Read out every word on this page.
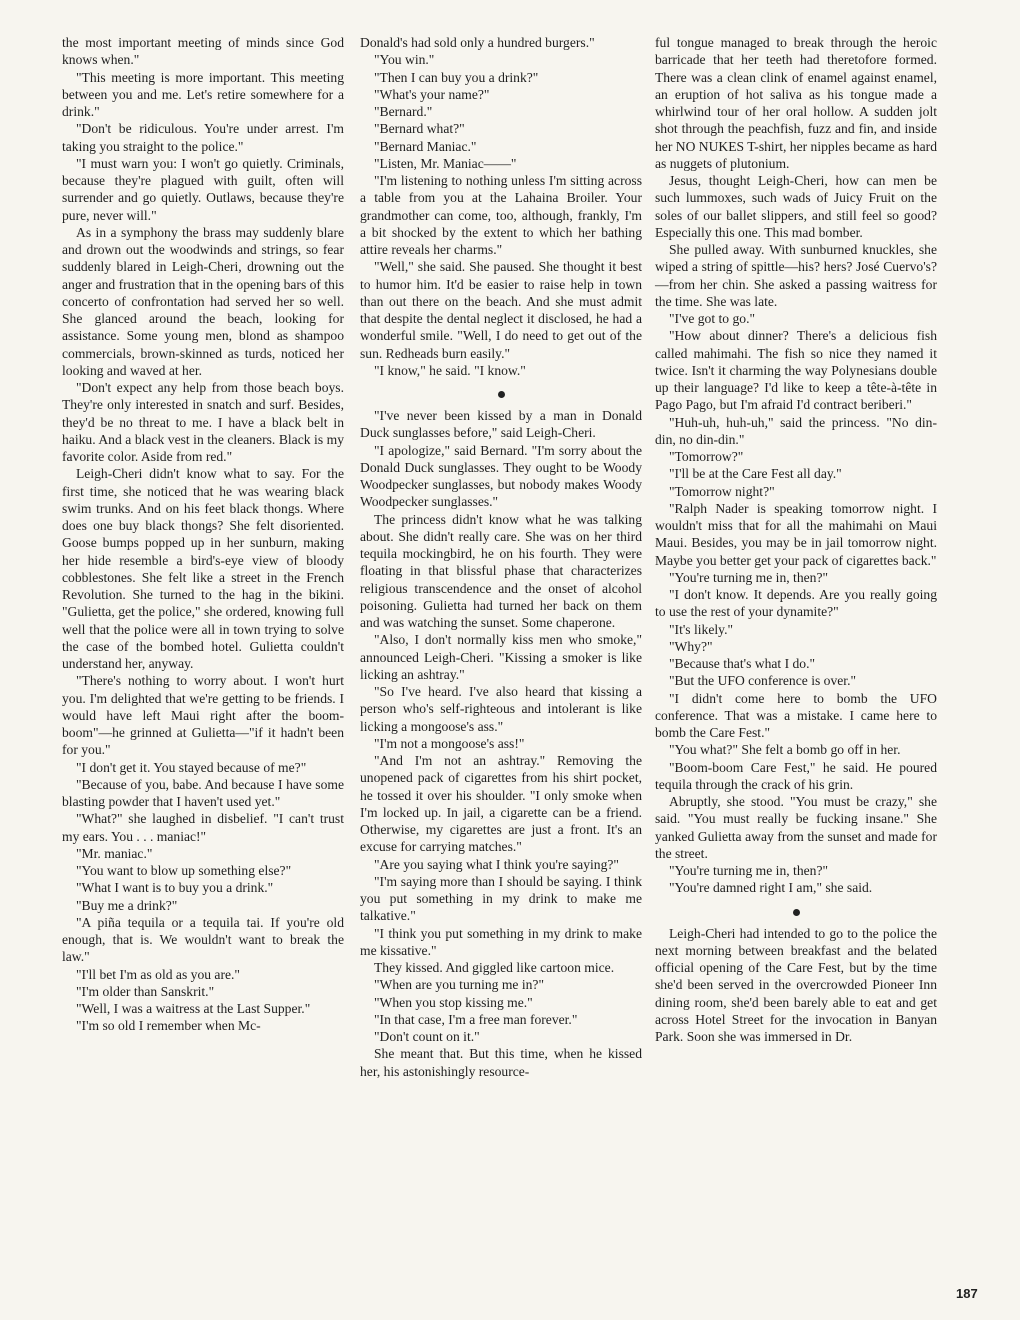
the most important meeting of minds since God knows when."

"This meeting is more important. This meeting between you and me. Let's retire somewhere for a drink."

"Don't be ridiculous. You're under arrest. I'm taking you straight to the police."

"I must warn you: I won't go quietly. Criminals, because they're plagued with guilt, often will surrender and go quietly. Outlaws, because they're pure, never will."

As in a symphony the brass may suddenly blare and drown out the woodwinds and strings, so fear suddenly blared in Leigh-Cheri, drowning out the anger and frustration that in the opening bars of this concerto of confrontation had served her so well. She glanced around the beach, looking for assistance. Some young men, blond as shampoo commercials, brown-skinned as turds, noticed her looking and waved at her.

"Don't expect any help from those beach boys. They're only interested in snatch and surf. Besides, they'd be no threat to me. I have a black belt in haiku. And a black vest in the cleaners. Black is my favorite color. Aside from red."

Leigh-Cheri didn't know what to say. For the first time, she noticed that he was wearing black swim trunks. And on his feet black thongs. Where does one buy black thongs? She felt disoriented. Goose bumps popped up in her sunburn, making her hide resemble a bird's-eye view of bloody cobblestones. She felt like a street in the French Revolution. She turned to the hag in the bikini. "Gulietta, get the police," she ordered, knowing full well that the police were all in town trying to solve the case of the bombed hotel. Gulietta couldn't understand her, anyway.

"There's nothing to worry about. I won't hurt you. I'm delighted that we're getting to be friends. I would have left Maui right after the boom-boom"—he grinned at Gulietta—"if it hadn't been for you."

"I don't get it. You stayed because of me?"

"Because of you, babe. And because I have some blasting powder that I haven't used yet."

"What?" she laughed in disbelief. "I can't trust my ears. You . . . maniac!"

"Mr. maniac."

"You want to blow up something else?"

"What I want is to buy you a drink."

"Buy me a drink?"

"A piña tequila or a tequila tai. If you're old enough, that is. We wouldn't want to break the law."

"I'll bet I'm as old as you are."

"I'm older than Sanskrit."

"Well, I was a waitress at the Last Supper."

"I'm so old I remember when Mc-

Donald's had sold only a hundred burgers."

"You win."

"Then I can buy you a drink?"

"What's your name?"

"Bernard."

"Bernard what?"

"Bernard Maniac."

"Listen, Mr. Maniac——"

"I'm listening to nothing unless I'm sitting across a table from you at the Lahaina Broiler. Your grandmother can come, too, although, frankly, I'm a bit shocked by the extent to which her bathing attire reveals her charms."

"Well," she said. She paused. She thought it best to humor him. It'd be easier to raise help in town than out there on the beach. And she must admit that despite the dental neglect it disclosed, he had a wonderful smile. "Well, I do need to get out of the sun. Redheads burn easily."

"I know," he said. "I know."

"I've never been kissed by a man in Donald Duck sunglasses before," said Leigh-Cheri.

"I apologize," said Bernard. "I'm sorry about the Donald Duck sunglasses. They ought to be Woody Woodpecker sunglasses, but nobody makes Woody Woodpecker sunglasses."

The princess didn't know what he was talking about. She didn't really care. She was on her third tequila mockingbird, he on his fourth. They were floating in that blissful phase that characterizes religious transcendence and the onset of alcohol poisoning. Gulietta had turned her back on them and was watching the sunset. Some chaperone.

"Also, I don't normally kiss men who smoke," announced Leigh-Cheri. "Kissing a smoker is like licking an ashtray."

"So I've heard. I've also heard that kissing a person who's self-righteous and intolerant is like licking a mongoose's ass."

"I'm not a mongoose's ass!"

"And I'm not an ashtray." Removing the unopened pack of cigarettes from his shirt pocket, he tossed it over his shoulder. "I only smoke when I'm locked up. In jail, a cigarette can be a friend. Otherwise, my cigarettes are just a front. It's an excuse for carrying matches."

"Are you saying what I think you're saying?"

"I'm saying more than I should be saying. I think you put something in my drink to make me talkative."

"I think you put something in my drink to make me kissative."

They kissed. And giggled like cartoon mice.

"When are you turning me in?"

"When you stop kissing me."

"In that case, I'm a free man forever."

"Don't count on it."

She meant that. But this time, when he kissed her, his astonishingly resource-

ful tongue managed to break through the heroic barricade that her teeth had theretofore formed. There was a clean clink of enamel against enamel, an eruption of hot saliva as his tongue made a whirlwind tour of her oral hollow. A sudden jolt shot through the peachfish, fuzz and fin, and inside her NO NUKES T-shirt, her nipples became as hard as nuggets of plutonium.

Jesus, thought Leigh-Cheri, how can men be such lummoxes, such wads of Juicy Fruit on the soles of our ballet slippers, and still feel so good? Especially this one. This mad bomber.

She pulled away. With sunburned knuckles, she wiped a string of spittle—his? hers? José Cuervo's?—from her chin. She asked a passing waitress for the time. She was late.

"I've got to go."

"How about dinner? There's a delicious fish called mahimahi. The fish so nice they named it twice. Isn't it charming the way Polynesians double up their language? I'd like to keep a tête-à-tête in Pago Pago, but I'm afraid I'd contract beriberi."

"Huh-uh, huh-uh," said the princess. "No din-din, no din-din."

"Tomorrow?"

"I'll be at the Care Fest all day."

"Tomorrow night?"

"Ralph Nader is speaking tomorrow night. I wouldn't miss that for all the mahimahi on Maui Maui. Besides, you may be in jail tomorrow night. Maybe you better get your pack of cigarettes back."

"You're turning me in, then?"

"I don't know. It depends. Are you really going to use the rest of your dynamite?"

"It's likely."

"Why?"

"Because that's what I do."

"But the UFO conference is over."

"I didn't come here to bomb the UFO conference. That was a mistake. I came here to bomb the Care Fest."

"You what?" She felt a bomb go off in her.

"Boom-boom Care Fest," he said. He poured tequila through the crack of his grin.

Abruptly, she stood. "You must be crazy," she said. "You must really be fucking insane." She yanked Gulietta away from the sunset and made for the street.

"You're turning me in, then?"

"You're damned right I am," she said.

Leigh-Cheri had intended to go to the police the next morning between breakfast and the belated official opening of the Care Fest, but by the time she'd been served in the overcrowded Pioneer Inn dining room, she'd been barely able to eat and get across Hotel Street for the invocation in Banyan Park. Soon she was immersed in Dr.

187
